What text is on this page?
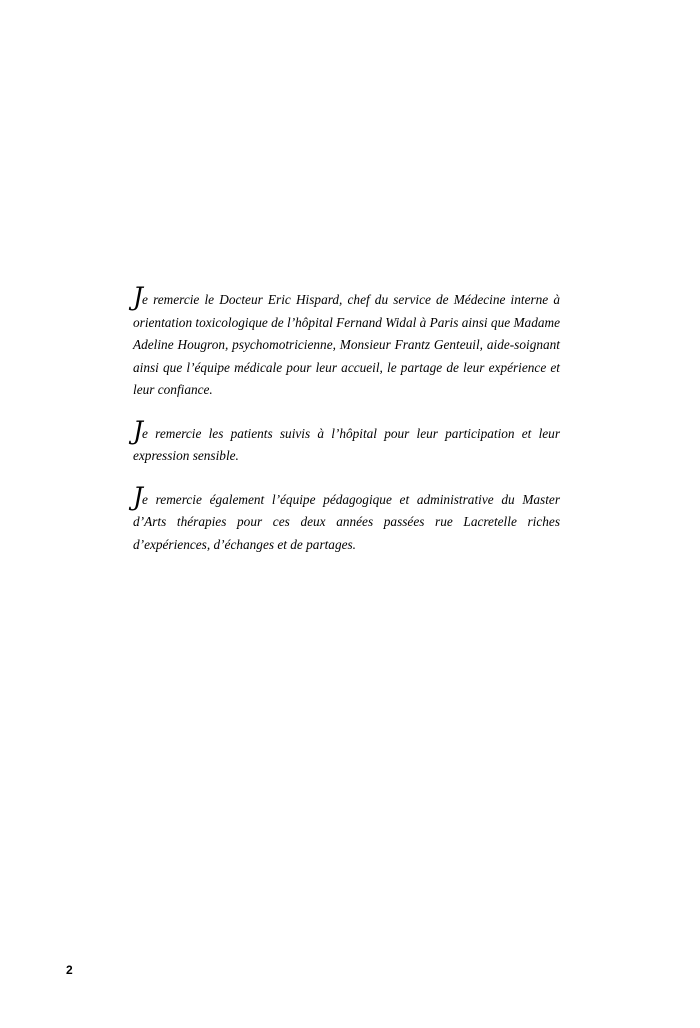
Je remercie le Docteur Eric Hispard, chef du service de Médecine interne à orientation toxicologique de l’hôpital Fernand Widal à Paris ainsi que Madame Adeline Hougron, psychomotricienne, Monsieur Frantz Genteuil, aide-soignant ainsi que l’équipe médicale pour leur accueil, le partage de leur expérience et leur confiance.

Je remercie les patients suivis à l’hôpital pour leur participation et leur expression sensible.

Je remercie également l’équipe pédagogique et administrative du Master d’Arts thérapies pour ces deux années passées rue Lacretelle riches d’expériences, d’échanges et de partages.

2
